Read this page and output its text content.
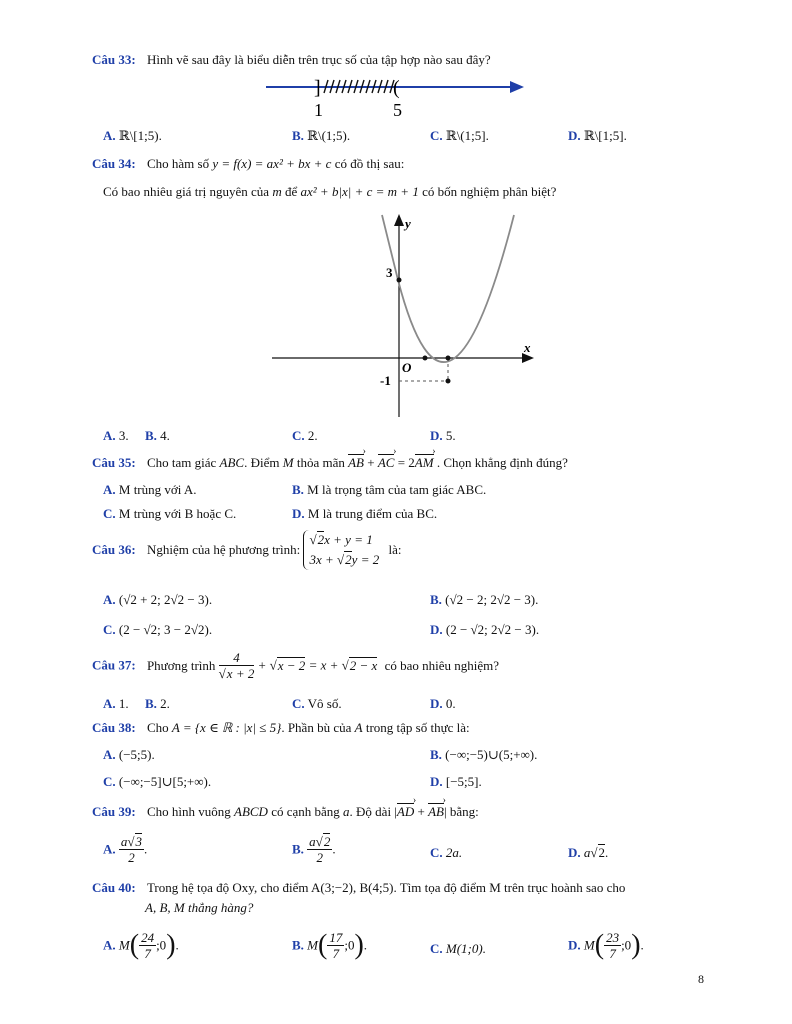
Câu 33: Hình vẽ sau đây là biểu diễn trên trục số của tập hợp nào sau đây?
]	(
1	5
A. ℝ\[1;5).	B. ℝ\(1;5).	C. ℝ\(1;5].	D. ℝ\[1;5].
Câu 34: Cho hàm số y = f(x) = ax² + bx + c có đồ thị sau:
Có bao nhiêu giá trị nguyên của m để ax² + b|x| + c = m + 1 có bốn nghiệm phân biệt?
y
x
O
3
-1
A. 3. B. 4.	C. 2.	D. 5.
Câu 35: Cho tam giác ABC. Điểm M thỏa mãn AB › + AC › = 2AM › . Chọn khẳng định đúng?
A. M trùng với A.	B. M là trọng tâm của tam giác ABC.
C. M trùng với B hoặc C.	D. M là trung điểm của BC.
Câu 36: Nghiệm của hệ phương trình:
√2x + y = 1
3x + √2y = 2
là:
A. (√2 + 2; 2√2 − 3).	B. (√2 − 2; 2√2 − 3).
C. (2 − √2; 3 − 2√2).	D. (2 − √2; 2√2 − 3).
Câu 37: Phương trình $\frac{4}{√x + 2} + √x - 2 = x + √2 - x$ có bao nhiêu nghiệm?
A. 1. B. 2.	C. Vô số.	D. 0.
Câu 38: Cho A = {x ∈ ℝ : |x| ≤ 5}. Phần bù của A trong tập số thực là:
A. (−5;5).	B. (−∞;−5)∪(5;+∞).
C. (−∞;−5]∪[5;+∞).	D. [−5;5].
Câu 39: Cho hình vuông ABCD có cạnh bằng a. Độ dài |AD › + AB ›| bằng:
A. $\frac{a√3}{2}$ .	B. $\frac{a√2}{2}$ .	C. 2a.	D. a√2.
Câu 40: Trong hệ tọa độ Oxy, cho điểm A(3;−2), B(4;5). Tìm tọa độ điểm M trên trục hoành sao cho
A, B, M thẳng hàng?
A. $M( \frac{24}{7}$ ;0).	B. $M( \frac{17}{7}$ ;0).	C. M(1;0).	D. $M( \frac{23}{7}$ ;0).
8
